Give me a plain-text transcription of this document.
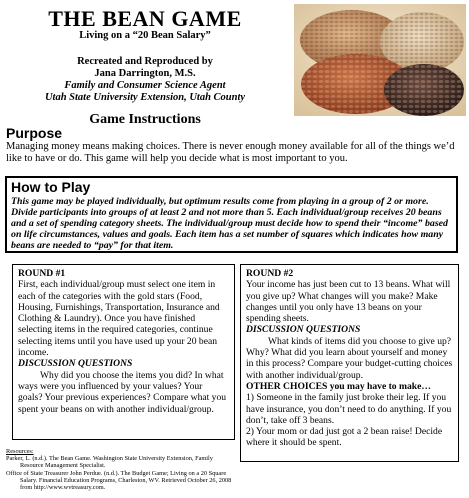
THE BEAN GAME
Living on a “20 Bean Salary”
Recreated and Reproduced by
Jana Darrington, M.S.
Family and Consumer Science Agent
Utah State University Extension, Utah County
Game Instructions
Purpose
Managing money means making choices. There is never enough money available for all of the things we’d like to have or do. This game will help you decide what is most important to you.
How to Play
This game may be played individually, but optimum results come from playing in a group of 2 or more. Divide participants into groups of at least 2 and not more than 5. Each individual/group receives 20 beans and a set of spending category sheets. The individual/group must decide how to spend their “income” based on life circumstances, values and goals. Each item has a set number of squares which indicates how many beans are needed to “pay” for that item.
ROUND #1
First, each individual/group must select one item in each of the categories with the gold stars (Food, Housing, Furnishings, Transportation, Insurance and Clothing & Laundry). Once you have finished selecting items in the required categories, continue selecting items until you have used up your 20 bean income.
DISCUSSION QUESTIONS
Why did you choose the items you did? In what ways were you influenced by your values? Your goals? Your previous experiences? Compare what you spent your beans on with another individual/group.
ROUND #2
Your income has just been cut to 13 beans. What will you give up? What changes will you make? Make changes until you only have 13 beans on your spending sheets.
DISCUSSION QUESTIONS
What kinds of items did you choose to give up? Why? What did you learn about yourself and money in this process? Compare your budget-cutting choices with another individual/group.
OTHER CHOICES you may have to make…
1) Someone in the family just broke their leg. If you have insurance, you don’t need to do anything. If you don’t, take off 3 beans.
2) Your mom or dad just got a 2 bean raise! Decide where it should be spent.
Resources:
Parker, L. (n.d.). The Bean Game. Washington State University Extension, Family Resource Management Specialist.
Office of State Treasurer John Perdue. (n.d.). The Budget Game; Living on a 20 Square Salary. Financial Education Programs, Charleston, WV. Retrieved October 26, 2008 from http://www.wvtreasury.com.
